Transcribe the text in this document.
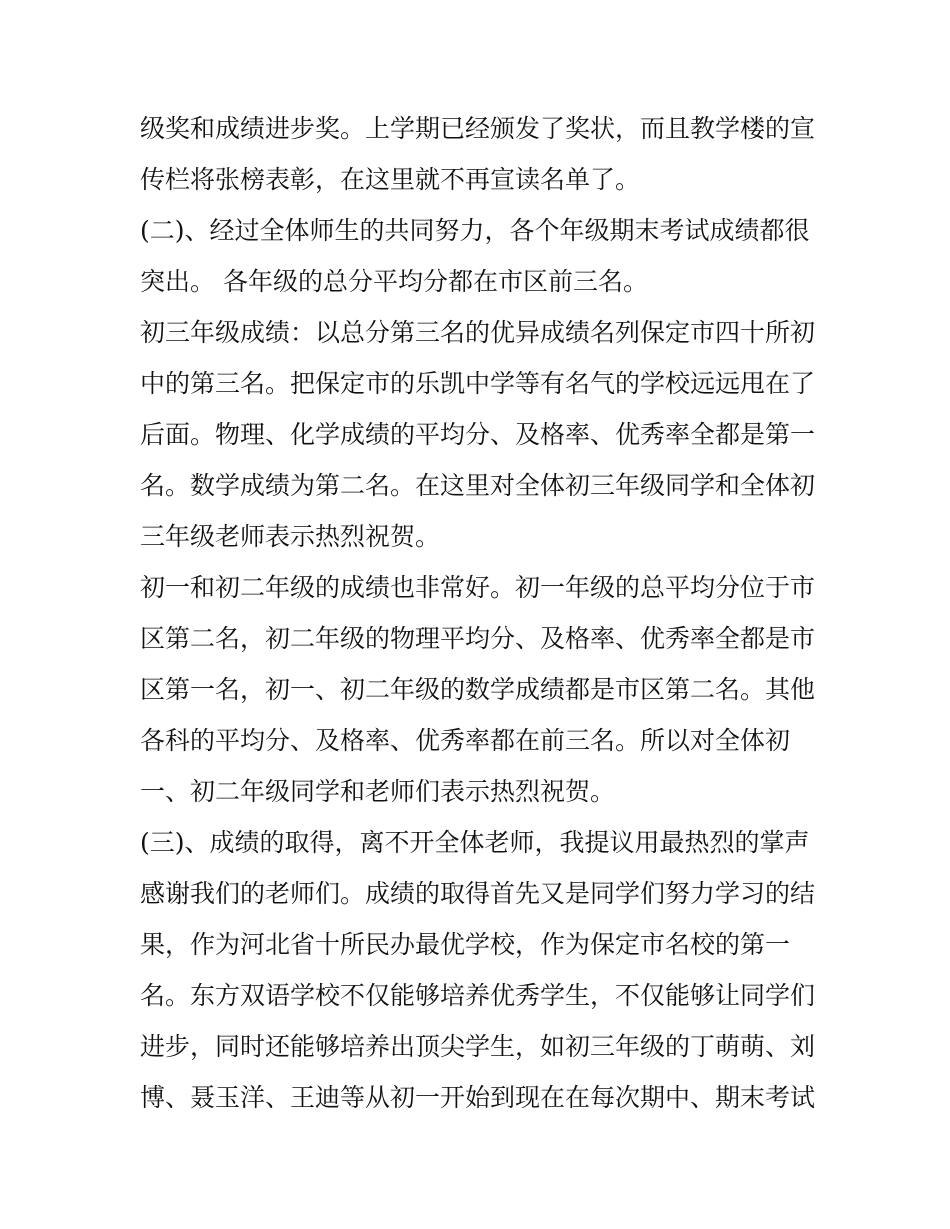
级奖和成绩进步奖。上学期已经颁发了奖状，而且教学楼的宣
传栏将张榜表彰，在这里就不再宣读名单了。
(二)、经过全体师生的共同努力，各个年级期末考试成绩都很
突出。 各年级的总分平均分都在市区前三名。
初三年级成绩：以总分第三名的优异成绩名列保定市四十所初
中的第三名。把保定市的乐凯中学等有名气的学校远远甩在了
后面。物理、化学成绩的平均分、及格率、优秀率全都是第一
名。数学成绩为第二名。在这里对全体初三年级同学和全体初
三年级老师表示热烈祝贺。
初一和初二年级的成绩也非常好。初一年级的总平均分位于市
区第二名，初二年级的物理平均分、及格率、优秀率全都是市
区第一名，初一、初二年级的数学成绩都是市区第二名。其他
各科的平均分、及格率、优秀率都在前三名。所以对全体初
一、初二年级同学和老师们表示热烈祝贺。
(三)、成绩的取得，离不开全体老师，我提议用最热烈的掌声
感谢我们的老师们。成绩的取得首先又是同学们努力学习的结
果，作为河北省十所民办最优学校，作为保定市名校的第一
名。东方双语学校不仅能够培养优秀学生，不仅能够让同学们
进步，同时还能够培养出顶尖学生，如初三年级的丁萌萌、刘
博、聂玉洋、王迪等从初一开始到现在在每次期中、期末考试
